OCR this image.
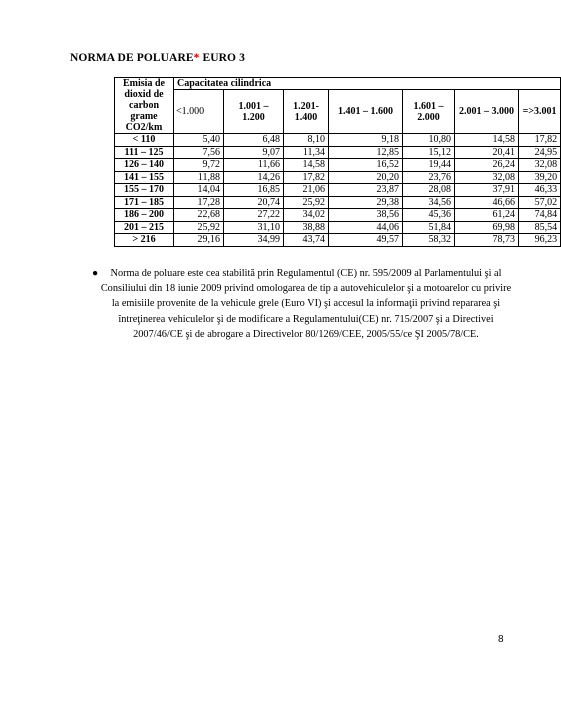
NORMA DE POLUARE* EURO 3
Emisia de dioxid de carbon grame CO2/km	Capacitatea cilindrica						
	<1.000	1.001 – 1.200	1.201- 1.400	1.401 – 1.600	1.601 – 2.000	2.001 – 3.000	=>3.001
< 110	5,40	6,48	8,10	9,18	10,80	14,58	17,82
111 – 125	7,56	9,07	11,34	12,85	15,12	20,41	24,95
126 – 140	9,72	11,66	14,58	16,52	19,44	26,24	32,08
141 – 155	11,88	14,26	17,82	20,20	23,76	32,08	39,20
155 – 170	14,04	16,85	21,06	23,87	28,08	37,91	46,33
171 – 185	17,28	20,74	25,92	29,38	34,56	46,66	57,02
186 – 200	22,68	27,22	34,02	38,56	45,36	61,24	74,84
201 – 215	25,92	31,10	38,88	44,06	51,84	69,98	85,54
> 216	29,16	34,99	43,74	49,57	58,32	78,73	96,23
●	Norma de poluare este cea stabilită prin Regulamentul (CE) nr. 595/2009 al Parlamentului şi al Consiliului din 18 iunie 2009 privind omologarea de tip a autovehiculelor şi a motoarelor cu privire la emisiile provenite de la vehicule grele (Euro VI) şi accesul la informaţii privind repararea şi întreţinerea vehiculelor şi de modificare a Regulamentului(CE) nr. 715/2007 şi a Directivei 2007/46/CE şi de abrogare a Directivelor 80/1269/CEE, 2005/55/ce ŞI 2005/78/CE.
8
